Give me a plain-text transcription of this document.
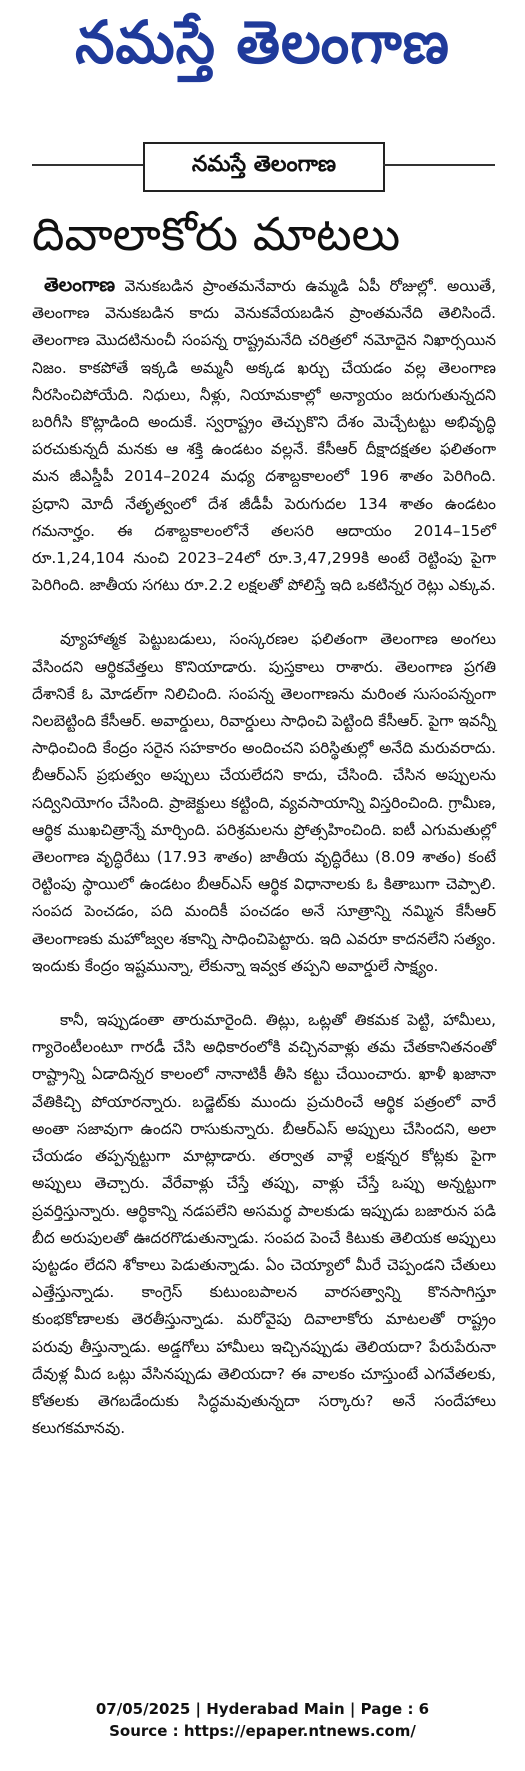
నమస్తే తెలంగాణ
నమస్తే తెలంగాణ
దివాలాకోరు మాటలు

తెలంగాణ వెనుకబడిన ప్రాంతమనేవారు ఉమ్మడి ఏపీ రోజుల్లో. అయితే, తెలంగాణ వెనుకబడిన కాదు వెనుకవేయబడిన ప్రాంతమనేది తెలిసిందే. తెలంగాణ మొదటినుంచీ సంపన్న రాష్ట్రమనేది చరిత్రలో నమోదైన నిఖార్సయిన నిజం. కాకపోతే ఇక్కడి అమ్మనీ అక్కడ ఖర్చు చేయడం వల్ల తెలంగాణ నీరసించిపోయేది. నిధులు, నీళ్లు, నియామకాల్లో అన్యాయం జరుగుతున్నదని బరిగీసి కొట్లాడింది అందుకే. స్వరాష్ట్రం తెచ్చుకొని దేశం మెచ్చేటట్టు అభివృద్ధి పరచుకున్నదీ మనకు ఆ శక్తి ఉండటం వల్లనే. కేసీఆర్ దీక్షాదక్షతల ఫలితంగా మన జీఎస్డీపీ 2014–2024 మధ్య దశాబ్దకాలంలో 196 శాతం పెరిగింది. ప్రధాని మోదీ నేతృత్వంలో దేశ జీడీపీ పెరుగుదల 134 శాతం ఉండటం గమనార్హం. ఈ దశాబ్దకాలంలోనే తలసరి ఆదాయం 2014–15లో రూ.1,24,104 నుంచి 2023–24లో రూ.3,47,299కి అంటే రెట్టింపు పైగా పెరిగింది. జాతీయ సగటు రూ.2.2 లక్షలతో పోలిస్తే ఇది ఒకటిన్నర రెట్లు ఎక్కువ.

వ్యూహాత్మక పెట్టుబడులు, సంస్కరణల ఫలితంగా తెలంగాణ అంగలు వేసిందని ఆర్థికవేత్తలు కొనియాడారు. పుస్తకాలు రాశారు. తెలంగాణ ప్రగతి దేశానికే ఓ మోడల్‌గా నిలిచింది. సంపన్న తెలంగాణను మరింత సుసంపన్నంగా నిలబెట్టింది కేసీఆర్. అవార్డులు, రివార్డులు సాధించి పెట్టింది కేసీఆర్. పైగా ఇవన్నీ సాధించింది కేంద్రం సరైన సహకారం అందించని పరిస్థితుల్లో అనేది మరువరాదు. బీఆర్ఎస్ ప్రభుత్వం అప్పులు చేయలేదని కాదు, చేసింది. చేసిన అప్పులను సద్వినియోగం చేసింది. ప్రాజెక్టులు కట్టింది, వ్యవసాయాన్ని విస్తరించింది. గ్రామీణ, ఆర్థిక ముఖచిత్రాన్నే మార్చింది. పరిశ్రమలను ప్రోత్సహించింది. ఐటీ ఎగుమతుల్లో తెలంగాణ వృద్ధిరేటు (17.93 శాతం) జాతీయ వృద్ధిరేటు (8.09 శాతం) కంటే రెట్టింపు స్థాయిలో ఉండటం బీఆర్ఎస్ ఆర్థిక విధానాలకు ఓ కితాబుగా చెప్పాలి. సంపద పెంచడం, పది మందికీ పంచడం అనే సూత్రాన్ని నమ్మిన కేసీఆర్ తెలంగాణకు మహోజ్వల శకాన్ని సాధించిపెట్టారు. ఇది ఎవరూ కాదనలేని సత్యం. ఇందుకు కేంద్రం ఇష్టమున్నా, లేకున్నా ఇవ్వక తప్పని అవార్డులే సాక్ష్యం.

కానీ, ఇప్పుడంతా తారుమారైంది. తిట్లు, ఒట్లతో తికమక పెట్టి, హామీలు, గ్యారెంటీలంటూ గారడీ చేసి అధికారంలోకి వచ్చినవాళ్లు తమ చేతకానితనంతో రాష్ట్రాన్ని ఏడాదిన్నర కాలంలో నానాటికీ తీసి కట్టు చేయించారు. ఖాళీ ఖజానా వేతికిచ్చి పోయారన్నారు. బడ్జెట్‌కు ముందు ప్రచురించే ఆర్థిక పత్రంలో వారే అంతా సజావుగా ఉందని రాసుకున్నారు. బీఆర్ఎస్ అప్పులు చేసిందని, అలా చేయడం తప్పన్నట్టుగా మాట్లాడారు. తర్వాత వాళ్లే లక్షన్నర కోట్లకు పైగా అప్పులు తెచ్చారు. వేరేవాళ్లు చేస్తే తప్పు, వాళ్లు చేస్తే ఒప్పు అన్నట్టుగా ప్రవర్తిస్తున్నారు. ఆర్థికాన్ని నడపలేని అసమర్థ పాలకుడు ఇప్పుడు బజారున పడి బీద అరుపులతో ఊదరగొడుతున్నాడు. సంపద పెంచే కిటుకు తెలియక అప్పులు పుట్టడం లేదని శోకాలు పెడుతున్నాడు. ఏం చెయ్యాలో మీరే చెప్పండని చేతులు ఎత్తేస్తున్నాడు. కాంగ్రెస్ కుటుంబపాలన వారసత్వాన్ని కొనసాగిస్తూ కుంభకోణాలకు తెరతీస్తున్నాడు. మరోవైపు దివాలాకోరు మాటలతో రాష్ట్రం పరువు తీస్తున్నాడు. అడ్డగోలు హామీలు ఇచ్చినప్పుడు తెలియదా? పేరుపేరునా దేవుళ్ల మీద ఒట్లు వేసినప్పుడు తెలియదా? ఈ వాలకం చూస్తుంటే ఎగవేతలకు, కోతలకు తెగబడేందుకు సిద్ధమవుతున్నదా సర్కారు? అనే సందేహాలు కలుగకమానవు.

07/05/2025 | Hyderabad Main | Page : 6
Source : https://epaper.ntnews.com/
